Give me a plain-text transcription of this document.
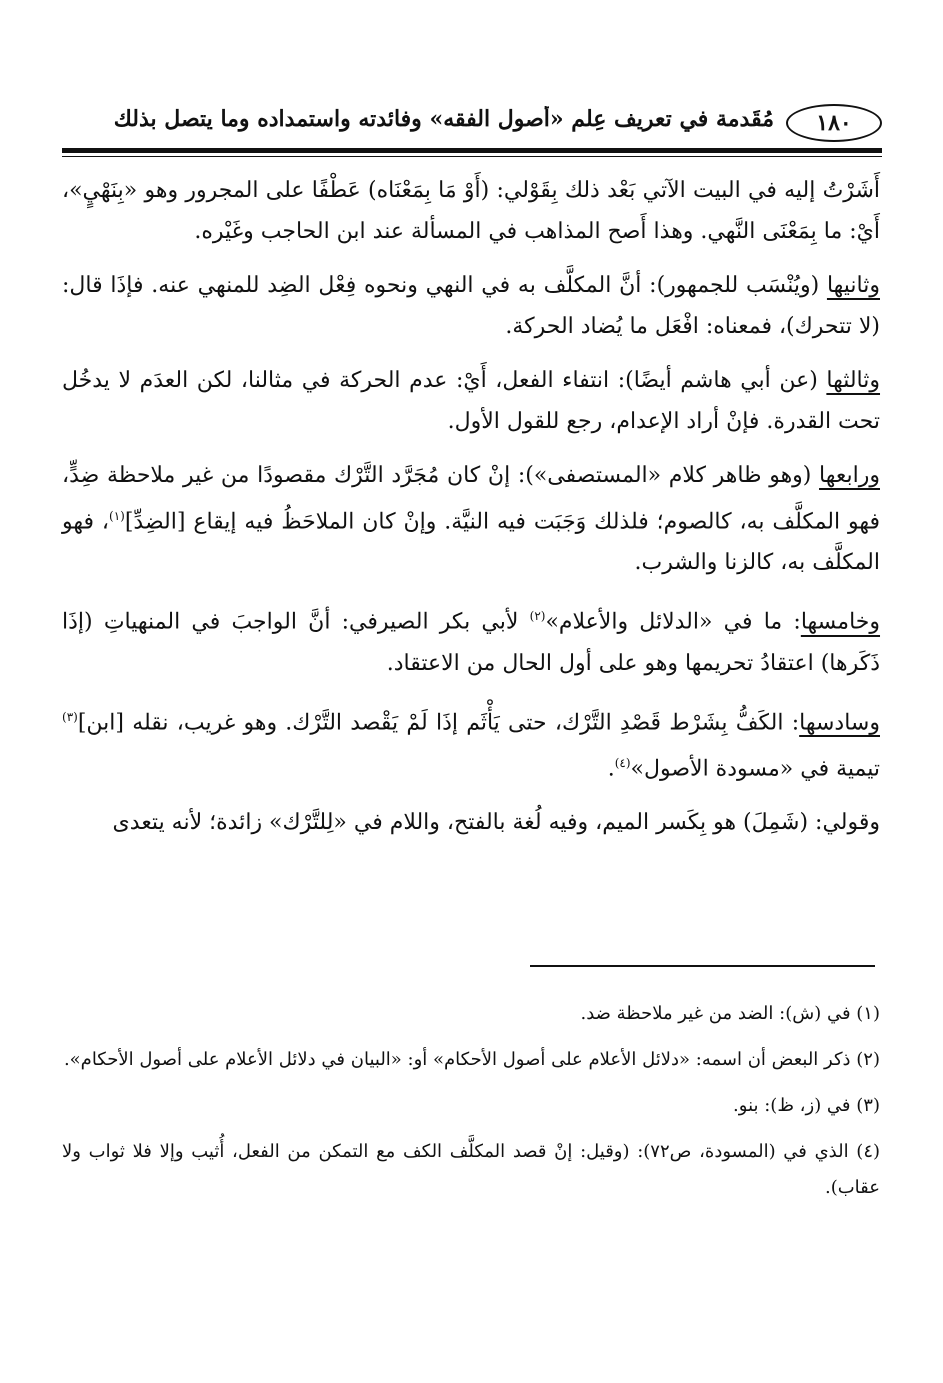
١٨٠
مُقَدمة في تعريف عِلم «أصول الفقه» وفائدته واستمداده وما يتصل بذلك

أَشَرْتُ إليه في البيت الآتي بَعْد ذلك بِقَوْلي: (أَوْ مَا بِمَعْنَاه) عَطْفًا على المجرور وهو «بِنَهْيٍ»، أَيْ: ما بِمَعْنَى النَّهي. وهذا أَصح المذاهب في المسألة عند ابن الحاجب وغَيْره.

وثانيها (ويُنْسَب للجمهور): أنَّ المكلَّف به في النهي ونحوه فِعْل الضِد للمنهي عنه. فإذَا قال: (لا تتحرك)، فمعناه: افْعَل ما يُضاد الحركة.

وثالثها (عن أبي هاشم أيضًا): انتفاء الفعل، أَيْ: عدم الحركة في مثالنا، لكن العدَم لا يدخُل تحت القدرة. فإنْ أراد الإعدام، رجع للقول الأول.

ورابعها (وهو ظاهر كلام «المستصفى»): إنْ كان مُجَرَّد التَّرْك مقصودًا من غير ملاحظة ضِدٍّ، فهو المكلَّف به، كالصوم؛ فلذلك وَجَبَت فيه النيَّة. وإنْ كان الملاحَظُ فيه إيقاع [الضِدِّ]$^{(١)}$، فهو المكلَّف به، كالزنا والشرب.

وخامسها: ما في «الدلائل والأعلام»$^{(٢)}$ لأبي بكر الصيرفي: أنَّ الواجبَ في المنهياتِ (إذَا ذَكَرها) اعتقادُ تحريمها وهو على أول الحال من الاعتقاد.

وسادسها: الكَفُّ بِشَرْط قَصْدِ التَّرْك، حتى يَأْثَم إذَا لَمْ يَقْصد التَّرْك. وهو غريب، نقله [ابن]$^{(٣)}$ تيمية في «مسودة الأصول»$^{(٤)}$.

وقولي: (شَمِلَ) هو بِكَسر الميم، وفيه لُغة بالفتح، واللام في «لِلتَّرْك» زائدة؛ لأنه يتعدى

(١) في (ش): الضد من غير ملاحظة ضد.

(٢) ذكر البعض أن اسمه: «دلائل الأعلام على أصول الأحكام» أو: «البيان في دلائل الأعلام على أصول الأحكام».

(٣) في (ز، ظ): بنو.

(٤) الذي في (المسودة، ص٧٢): (وقيل: إنْ قصد المكلَّف الكف مع التمكن من الفعل، أُثيب وإلا فلا ثواب ولا عقاب).
